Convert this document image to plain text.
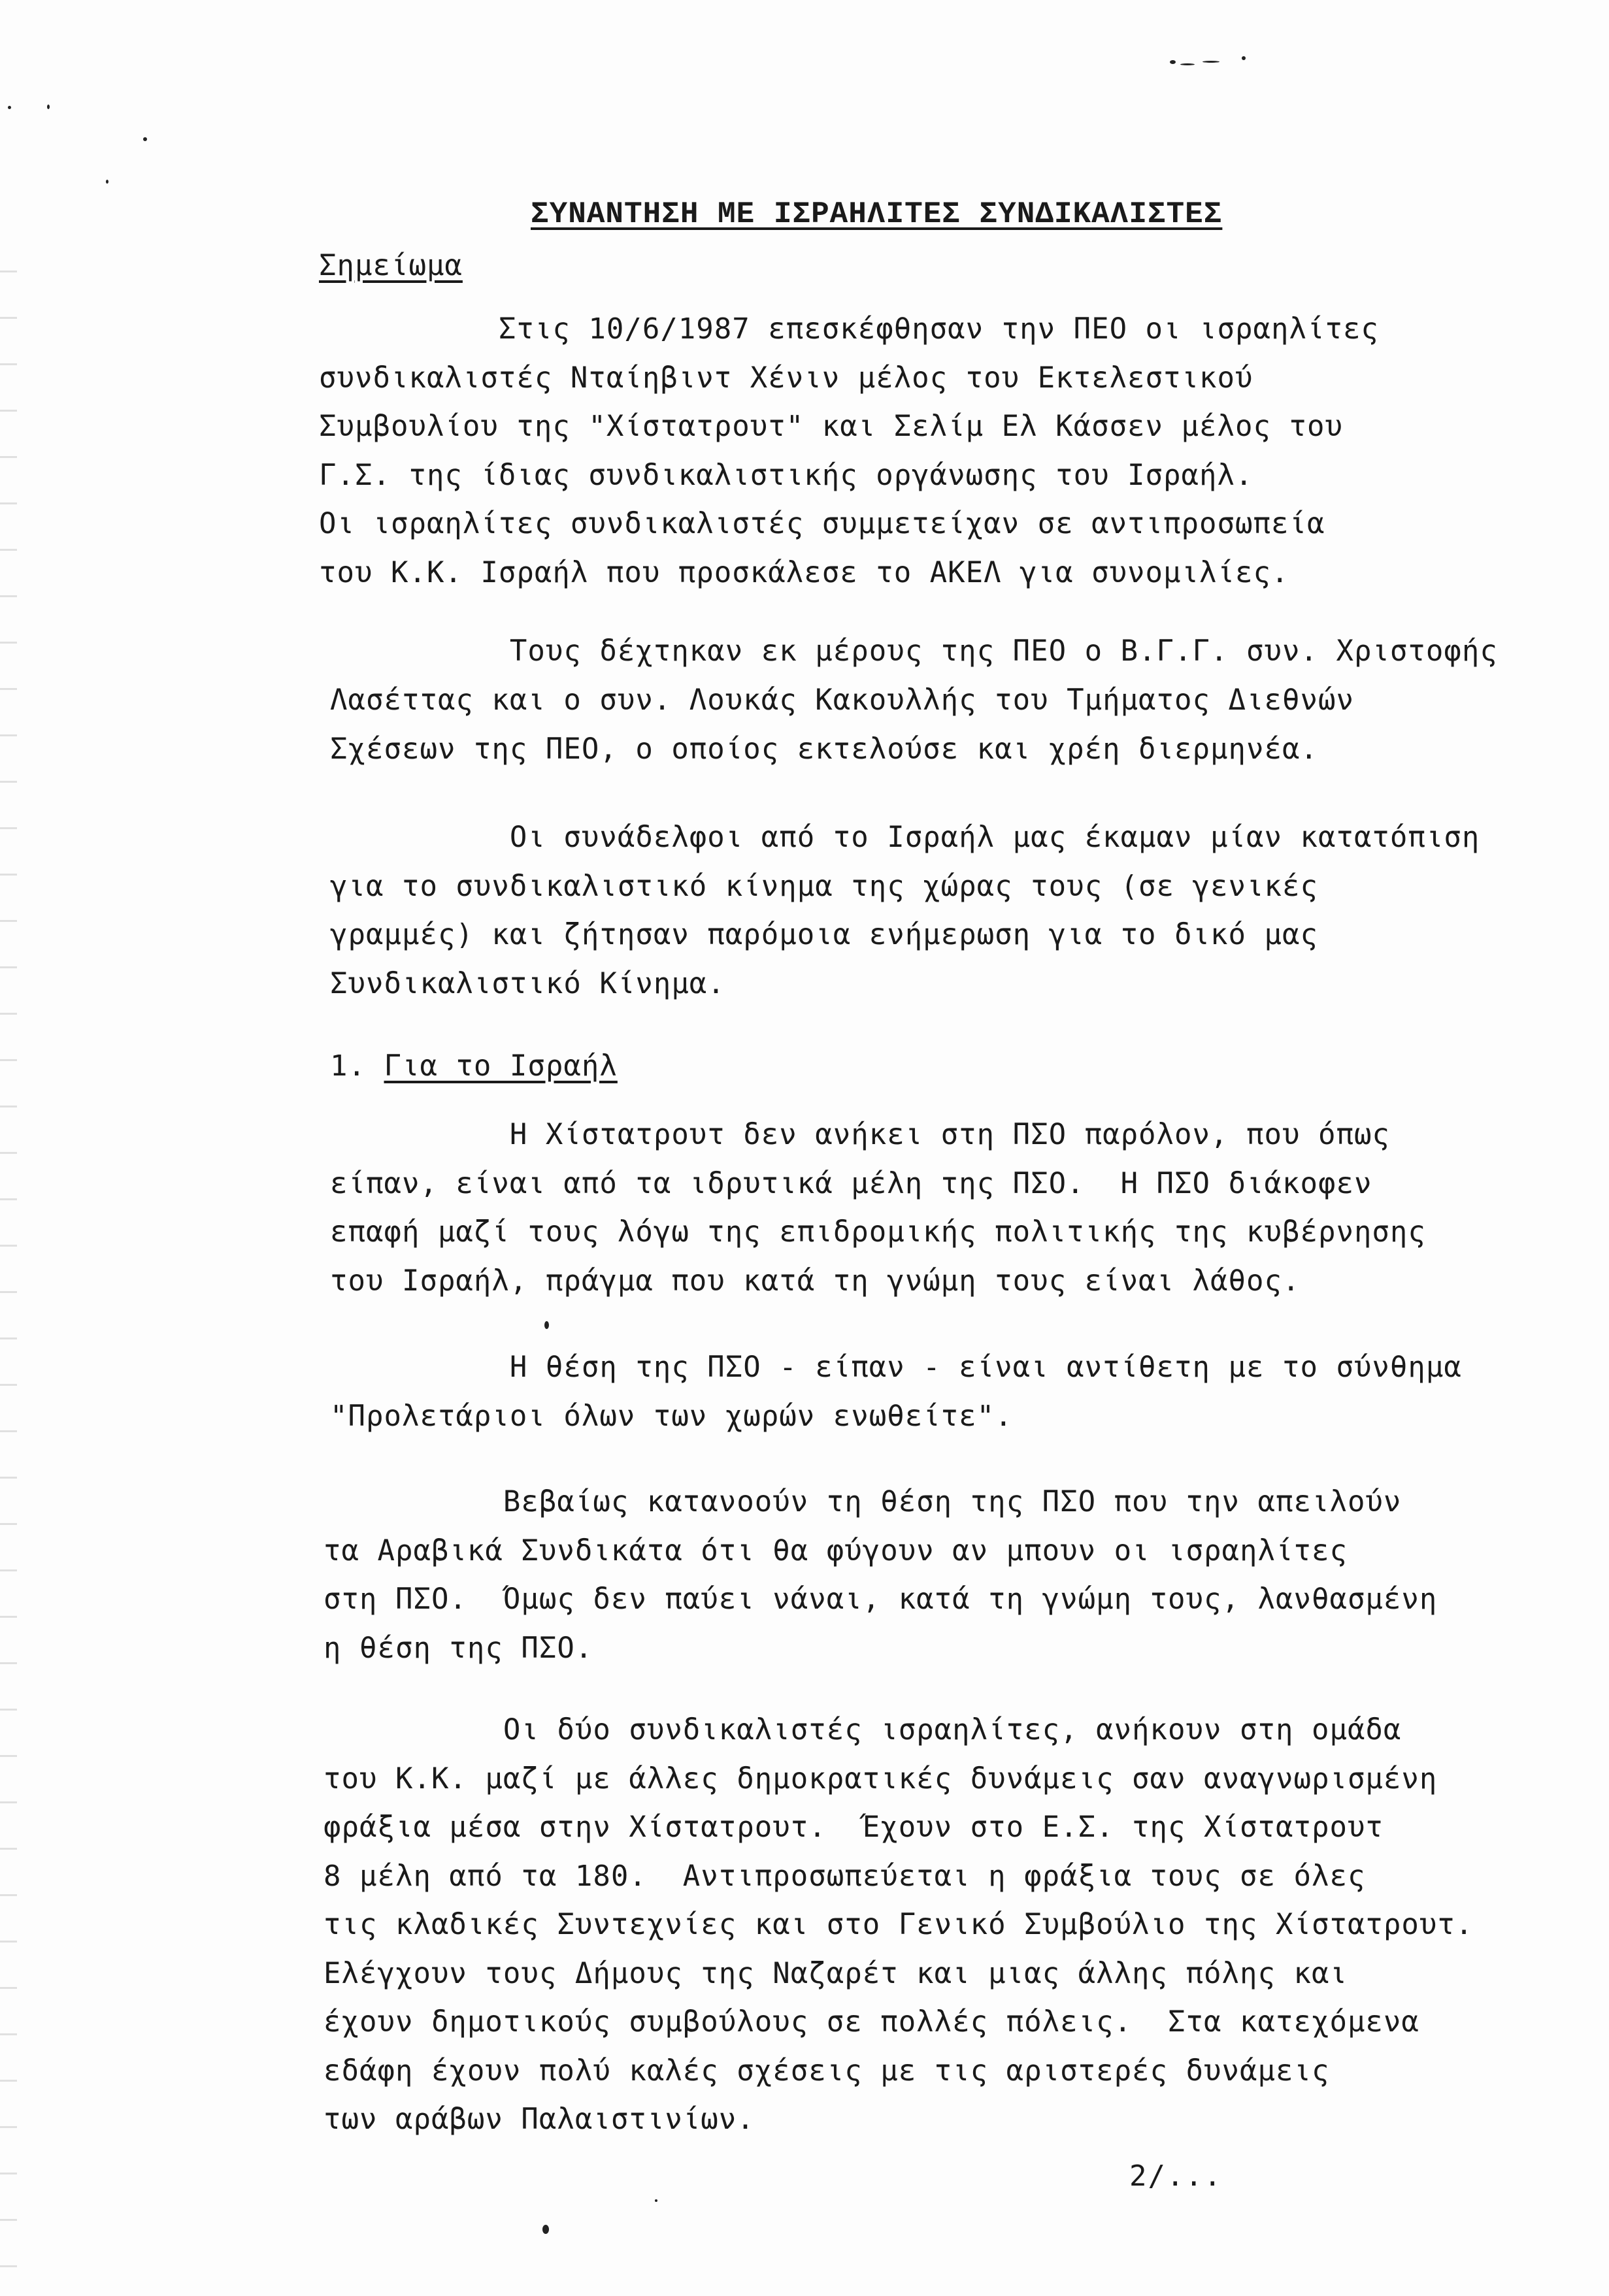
ΣΥΝΑΝΤΗΣΗ ΜΕ ΙΣΡΑΗΛΙΤΕΣ ΣΥΝΔΙΚΑΛΙΣΤΕΣ
Σημείωμα
Στις 10/6/1987 επεσκέφθησαν την ΠΕΟ οι ισραηλίτες
συνδικαλιστές Νταίηβιντ Χένιν μέλος του Εκτελεστικού
Συμβουλίου της "Χίστατρουτ" και Σελίμ Ελ Κάσσεν μέλος του
Γ.Σ. της ίδιας συνδικαλιστικής οργάνωσης του Ισραήλ.
Οι ισραηλίτες συνδικαλιστές συμμετείχαν σε αντιπροσωπεία
του Κ.Κ. Ισραήλ που προσκάλεσε το ΑΚΕΛ για συνομιλίες.
Τους δέχτηκαν εκ μέρους της ΠΕΟ ο Β.Γ.Γ. συν. Χριστοφής
Λασέττας και ο συν. Λουκάς Κακουλλής του Τμήματος Διεθνών
Σχέσεων της ΠΕΟ, ο οποίος εκτελούσε και χρέη διερμηνέα.
Οι συνάδελφοι από το Ισραήλ μας έκαμαν μίαν κατατόπιση
για το συνδικαλιστικό κίνημα της χώρας τους (σε γενικές
γραμμές) και ζήτησαν παρόμοια ενήμερωση για το δικό μας
Συνδικαλιστικό Κίνημα.
1. Για το Ισραήλ
Η Χίστατρουτ δεν ανήκει στη ΠΣΟ παρόλον, που όπως
είπαν, είναι από τα ιδρυτικά μέλη της ΠΣΟ.  Η ΠΣΟ διάκοφεν
επαφή μαζί τους λόγω της επιδρομικής πολιτικής της κυβέρνησης
του Ισραήλ, πράγμα που κατά τη γνώμη τους είναι λάθος.
Η θέση της ΠΣΟ - είπαν - είναι αντίθετη με το σύνθημα
"Προλετάριοι όλων των χωρών ενωθείτε".
Βεβαίως κατανοούν τη θέση της ΠΣΟ που την απειλούν
τα Αραβικά Συνδικάτα ότι θα φύγουν αν μπουν οι ισραηλίτες
στη ΠΣΟ.  Όμως δεν παύει νάναι, κατά τη γνώμη τους, λανθασμένη
η θέση της ΠΣΟ.
Οι δύο συνδικαλιστές ισραηλίτες, ανήκουν στη ομάδα
του Κ.Κ. μαζί με άλλες δημοκρατικές δυνάμεις σαν αναγνωρισμένη
φράξια μέσα στην Χίστατρουτ.  Έχουν στο Ε.Σ. της Χίστατρουτ
8 μέλη από τα 180.  Αντιπροσωπεύεται η φράξια τους σε όλες
τις κλαδικές Συντεχνίες και στο Γενικό Συμβούλιο της Χίστατρουτ.
Ελέγχουν τους Δήμους της Ναζαρέτ και μιας άλλης πόλης και
έχουν δημοτικούς συμβούλους σε πολλές πόλεις.  Στα κατεχόμενα
εδάφη έχουν πολύ καλές σχέσεις με τις αριστερές δυνάμεις
των αράβων Παλαιστινίων.
2/...
